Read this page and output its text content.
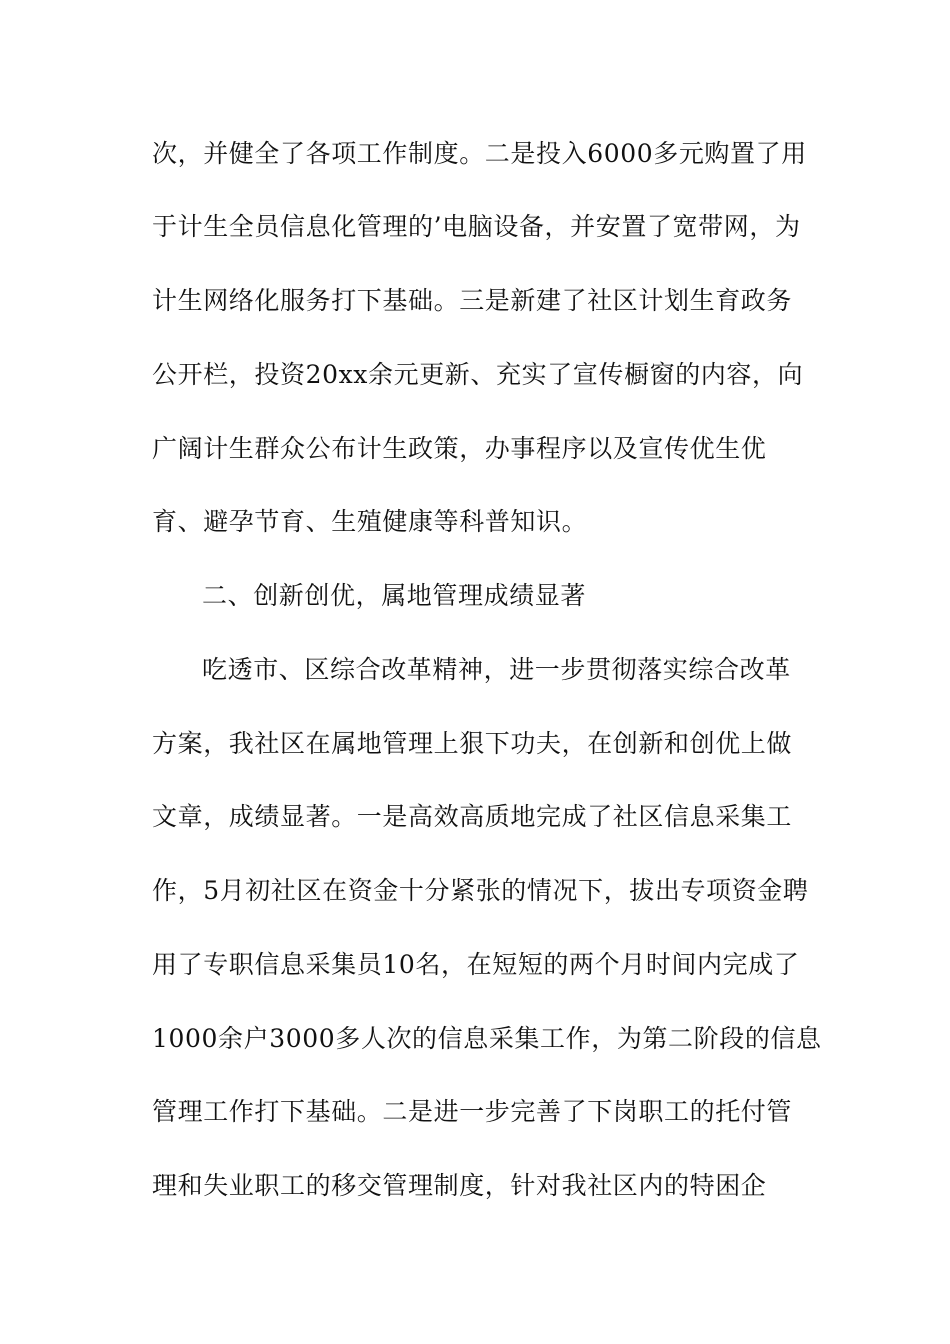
次，并健全了各项工作制度。二是投入6000多元购置了用
于计生全员信息化管理的’电脑设备，并安置了宽带网，为
计生网络化服务打下基础。三是新建了社区计划生育政务
公开栏，投资20xx余元更新、充实了宣传橱窗的内容，向
广阔计生群众公布计生政策，办事程序以及宣传优生优
育、避孕节育、生殖健康等科普知识。
二、创新创优，属地管理成绩显著
吃透市、区综合改革精神，进一步贯彻落实综合改革
方案，我社区在属地管理上狠下功夫，在创新和创优上做
文章，成绩显著。一是高效高质地完成了社区信息采集工
作，5月初社区在资金十分紧张的情况下，拔出专项资金聘
用了专职信息采集员10名，在短短的两个月时间内完成了
1000余户3000多人次的信息采集工作，为第二阶段的信息
管理工作打下基础。二是进一步完善了下岗职工的托付管
理和失业职工的移交管理制度，针对我社区内的特困企
